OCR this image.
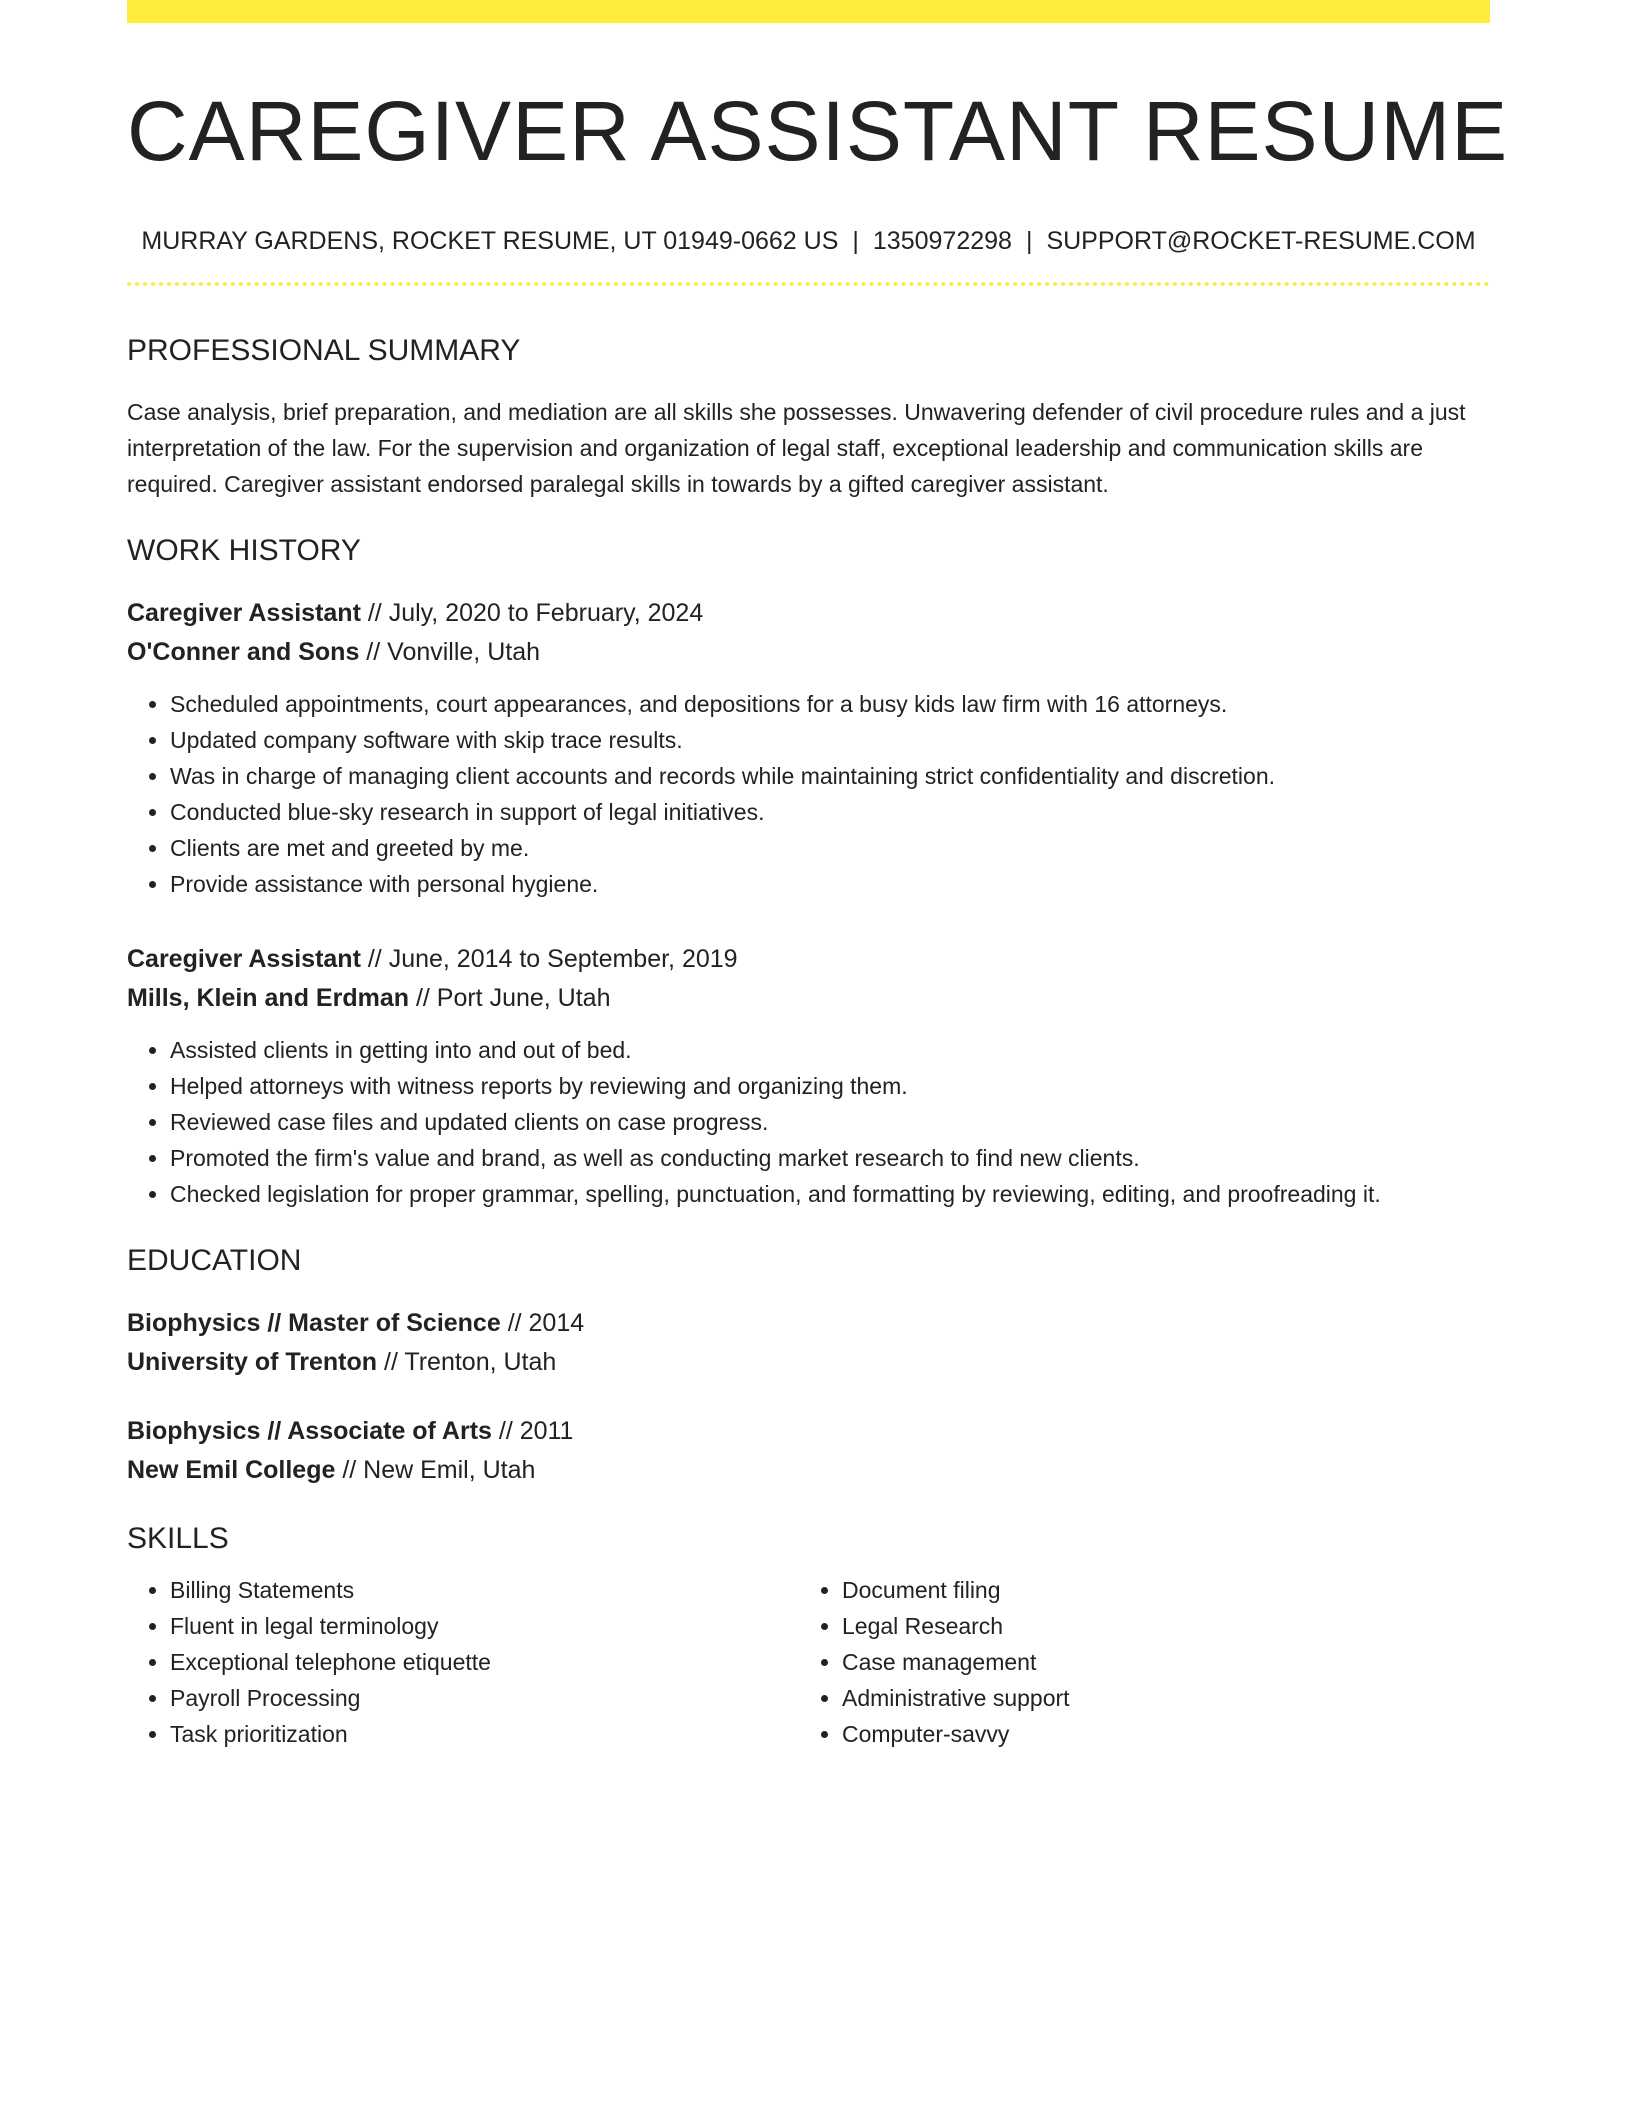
CAREGIVER ASSISTANT RESUME
MURRAY GARDENS, ROCKET RESUME, UT 01949-0662 US | 1350972298 | SUPPORT@ROCKET-RESUME.COM
PROFESSIONAL SUMMARY

Case analysis, brief preparation, and mediation are all skills she possesses. Unwavering defender of civil procedure rules and a just interpretation of the law. For the supervision and organization of legal staff, exceptional leadership and communication skills are required. Caregiver assistant endorsed paralegal skills in towards by a gifted caregiver assistant.

WORK HISTORY
Caregiver Assistant // July, 2020 to February, 2024
O'Conner and Sons // Vonville, Utah
• Scheduled appointments, court appearances, and depositions for a busy kids law firm with 16 attorneys.
• Updated company software with skip trace results.
• Was in charge of managing client accounts and records while maintaining strict confidentiality and discretion.
• Conducted blue-sky research in support of legal initiatives.
• Clients are met and greeted by me.
• Provide assistance with personal hygiene.
Caregiver Assistant // June, 2014 to September, 2019
Mills, Klein and Erdman // Port June, Utah
• Assisted clients in getting into and out of bed.
• Helped attorneys with witness reports by reviewing and organizing them.
• Reviewed case files and updated clients on case progress.
• Promoted the firm's value and brand, as well as conducting market research to find new clients.
• Checked legislation for proper grammar, spelling, punctuation, and formatting by reviewing, editing, and proofreading it.
EDUCATION
Biophysics // Master of Science // 2014
University of Trenton // Trenton, Utah
Biophysics // Associate of Arts // 2011
New Emil College // New Emil, Utah
SKILLS
• Billing Statements
• Fluent in legal terminology
• Exceptional telephone etiquette
• Payroll Processing
• Task prioritization
• Document filing
• Legal Research
• Case management
• Administrative support
• Computer-savvy
